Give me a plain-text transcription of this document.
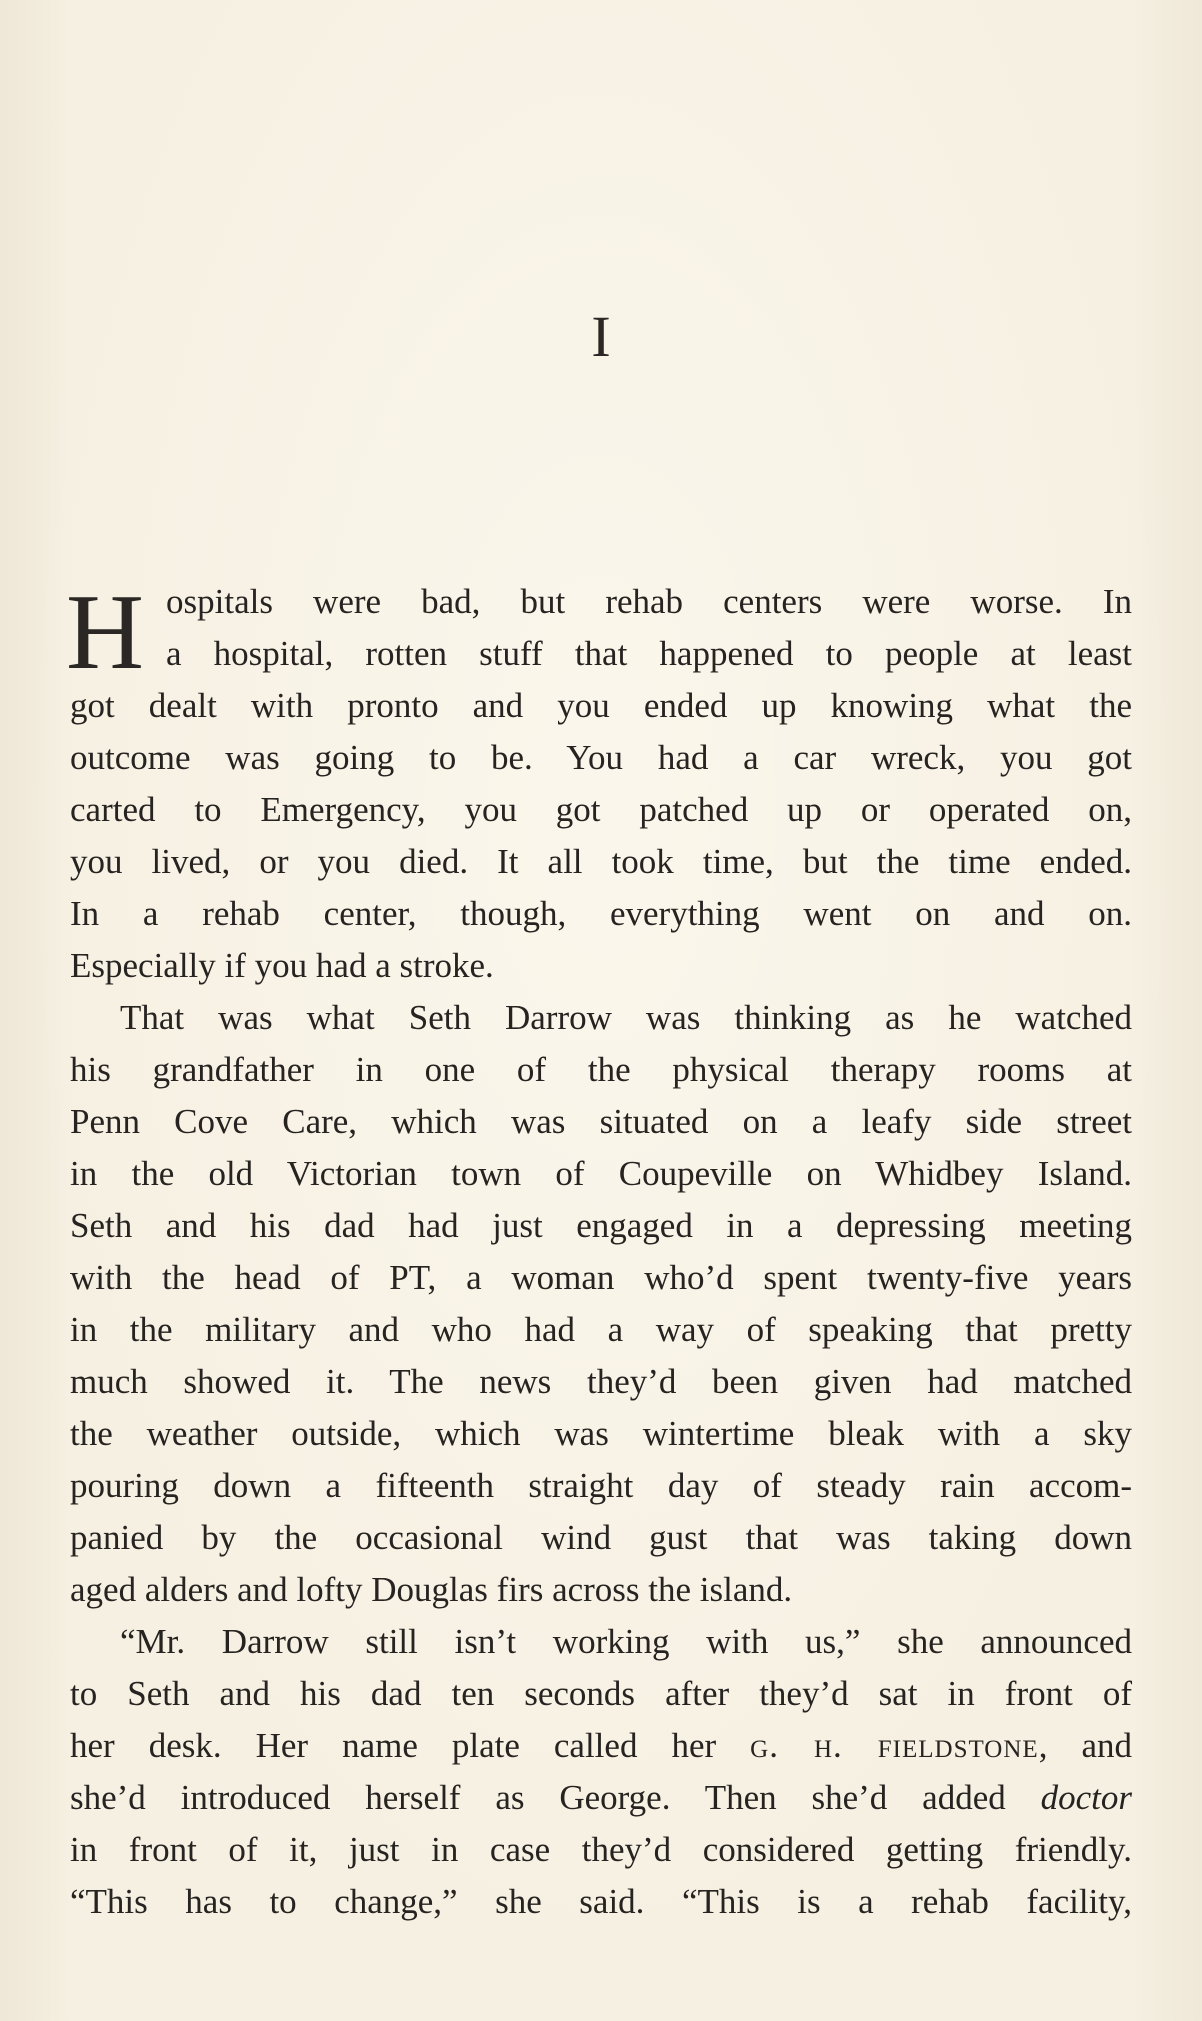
I
H ospitals were bad, but rehab centers were worse. In
a hospital, rotten stuff that happened to people at least
got dealt with pronto and you ended up knowing what the
outcome was going to be. You had a car wreck, you got
carted to Emergency, you got patched up or operated on,
you lived, or you died. It all took time, but the time ended.
In a rehab center, though, everything went on and on.
Especially if you had a stroke.
That was what Seth Darrow was thinking as he watched
his grandfather in one of the physical therapy rooms at
Penn Cove Care, which was situated on a leafy side street
in the old Victorian town of Coupeville on Whidbey Island.
Seth and his dad had just engaged in a depressing meeting
with the head of PT, a woman who’d spent twenty-five years
in the military and who had a way of speaking that pretty
much showed it. The news they’d been given had matched
the weather outside, which was wintertime bleak with a sky
pouring down a fifteenth straight day of steady rain accom-
panied by the occasional wind gust that was taking down
aged alders and lofty Douglas firs across the island.
“Mr. Darrow still isn’t working with us,” she announced
to Seth and his dad ten seconds after they’d sat in front of
her desk. Her name plate called her g. h. fieldstone, and
she’d introduced herself as George. Then she’d added doctor
in front of it, just in case they’d considered getting friendly.
“This has to change,” she said. “This is a rehab facility,
